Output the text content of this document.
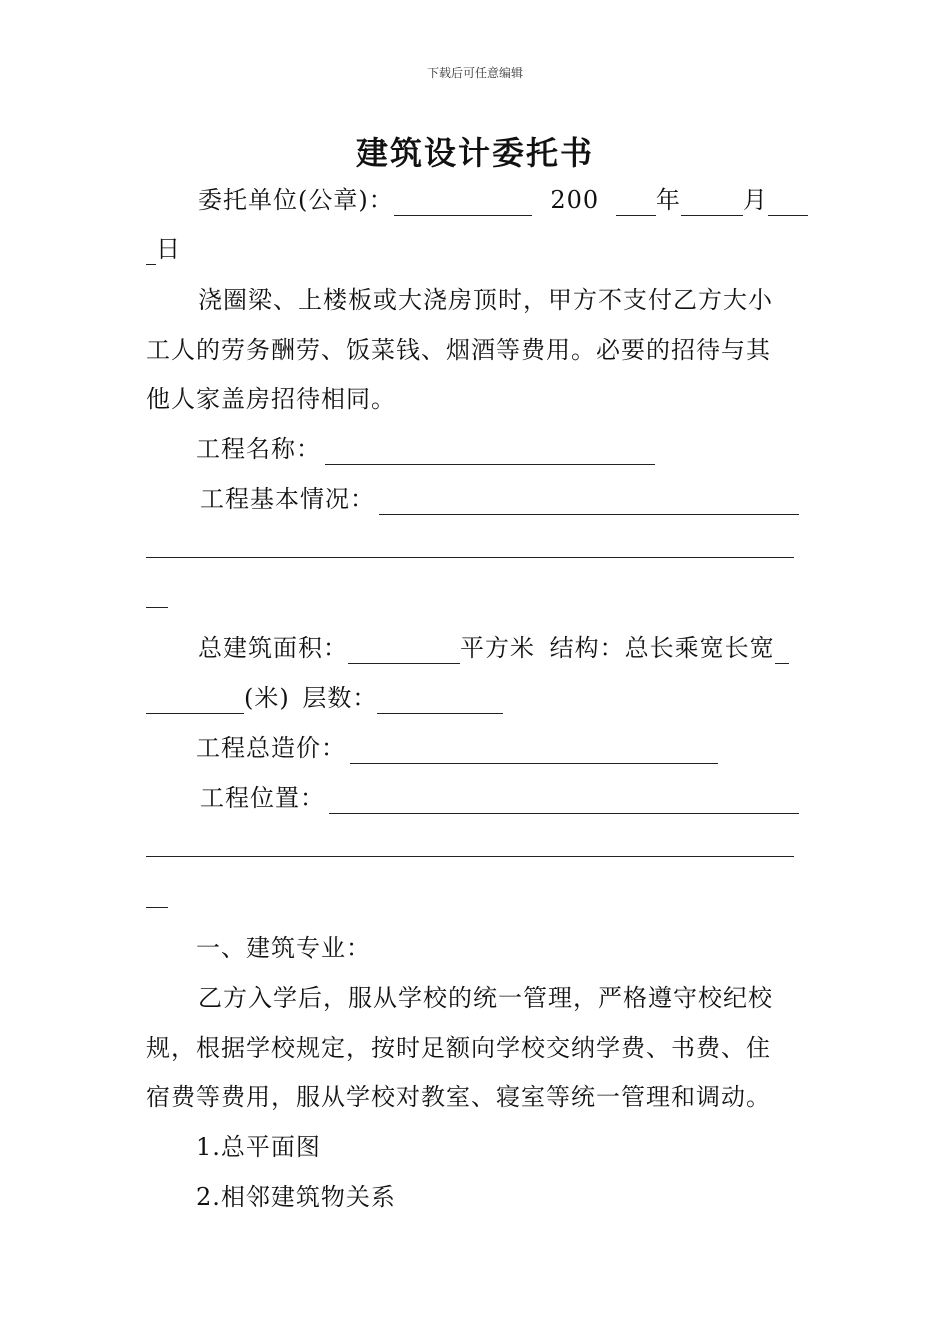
下载后可任意编辑
建筑设计委托书
委托单位(公章)：	200 年	月
日
浇圈梁、上楼板或大浇房顶时，甲方不支付乙方大小
工人的劳务酬劳、饭菜钱、烟酒等费用。必要的招待与其
他人家盖房招待相同。
工程名称：
工程基本情况：
总建筑面积：	平方米 结构：总长乘宽长宽
(米) 层数：
工程总造价：
工程位置：
一、建筑专业：
乙方入学后，服从学校的统一管理，严格遵守校纪校
规，根据学校规定，按时足额向学校交纳学费、书费、住
宿费等费用，服从学校对教室、寝室等统一管理和调动。
1.总平面图
2.相邻建筑物关系
